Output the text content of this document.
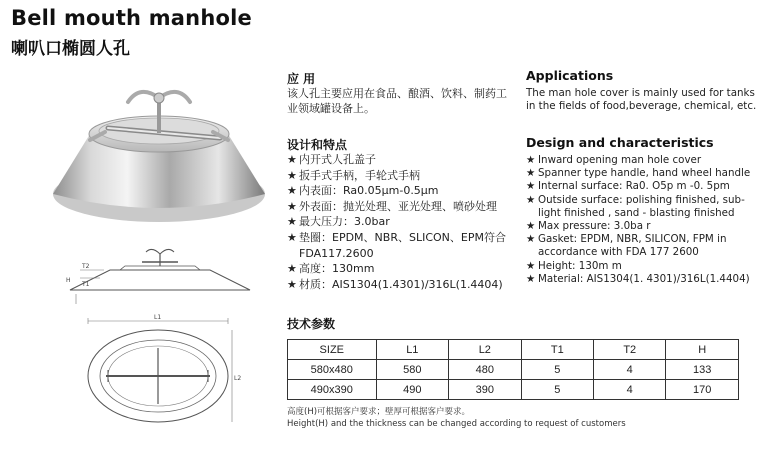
Bell mouth manhole
喇叭口椭圆人孔
T2
T1
H
L1
L2
应 用
该人孔主要应用在食品、酿酒、饮料、制药工业领域罐设备上。
Applications
The man hole cover is mainly used for tanks in the fields of food,beverage, chemical, etc.
设计和特点
★ 内开式人孔盖子
★ 扳手式手柄，手轮式手柄
★ 内表面：Ra0.05μm-0.5μm
★ 外表面：抛光处理、亚光处理、喷砂处理
★ 最大压力：3.0bar
★ 垫圈：EPDM、NBR、SLICON、EPM符合FDA117.2600
★ 高度：130mm
★ 材质：AIS1304(1.4301)/316L(1.4404)
Design and characteristics
★ Inward opening man hole cover
★ Spanner type handle, hand wheel handle
★ Internal surface: Ra0. O5p m -0. 5pm
★ Outside surface: polishing finished, sub-light finished , sand - blasting finished
★ Max pressure: 3.0ba r
★ Gasket: EPDM, NBR, SILICON, FPM in accordance with FDA 177 2600
★ Height: 130m m
★ Material: AIS1304(1. 4301)/316L(1.4404)
技术参数
SIZE	L1	L2	T1	T2	H
580x480	580	480	5	4	133
490x390	490	390	5	4	170
高度(H)可根据客户要求；壁厚可根据客户要求。
Height(H) and the thickness can be changed according to request of customers
